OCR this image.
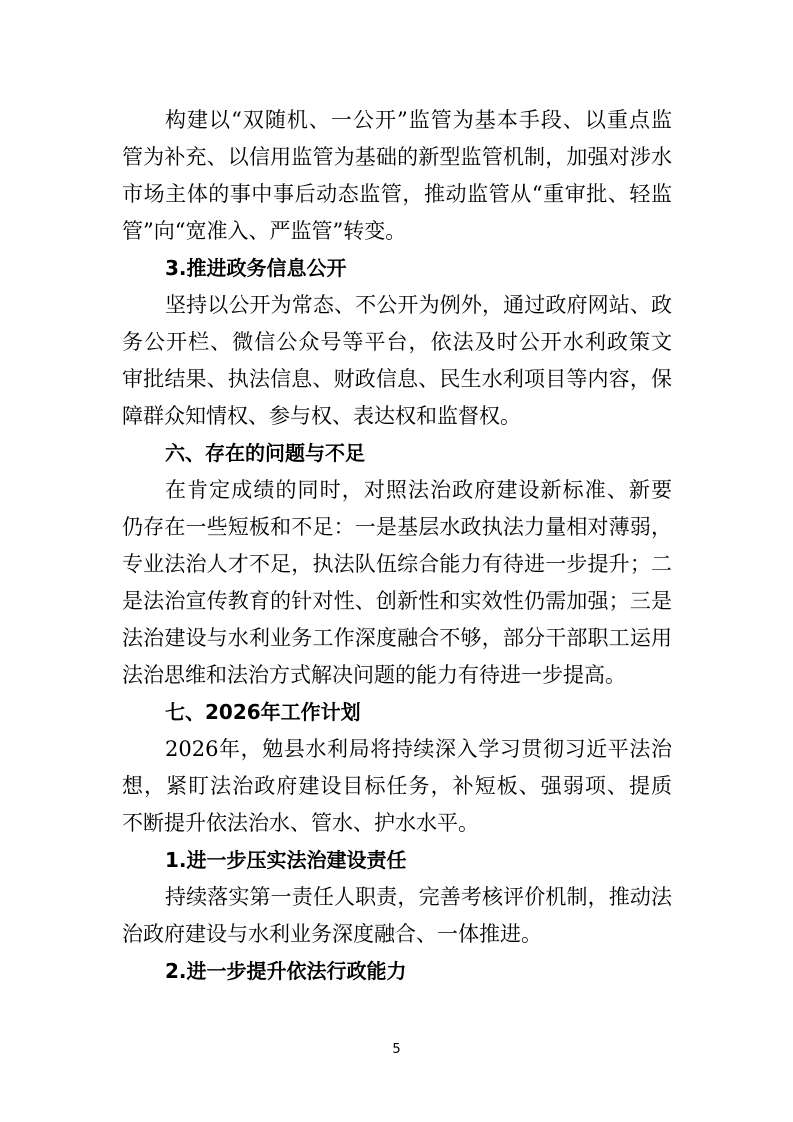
构建以“双随机、一公开”监管为基本手段、以重点监
管为补充、以信用监管为基础的新型监管机制，加强对涉水
市场主体的事中事后动态监管，推动监管从“重审批、轻监
管”向“宽准入、严监管”转变。
3.推进政务信息公开
坚持以公开为常态、不公开为例外，通过政府网站、政
务公开栏、微信公众号等平台，依法及时公开水利政策文
审批结果、执法信息、财政信息、民生水利项目等内容，保
障群众知情权、参与权、表达权和监督权。
六、存在的问题与不足
在肯定成绩的同时，对照法治政府建设新标准、新要
仍存在一些短板和不足：一是基层水政执法力量相对薄弱，
专业法治人才不足，执法队伍综合能力有待进一步提升；二
是法治宣传教育的针对性、创新性和实效性仍需加强；三是
法治建设与水利业务工作深度融合不够，部分干部职工运用
法治思维和法治方式解决问题的能力有待进一步提高。
七、2026年工作计划
2026年，勉县水利局将持续深入学习贯彻习近平法治
想，紧盯法治政府建设目标任务，补短板、强弱项、提质
不断提升依法治水、管水、护水水平。
1.进一步压实法治建设责任
持续落实第一责任人职责，完善考核评价机制，推动法
治政府建设与水利业务深度融合、一体推进。
2.进一步提升依法行政能力
5
